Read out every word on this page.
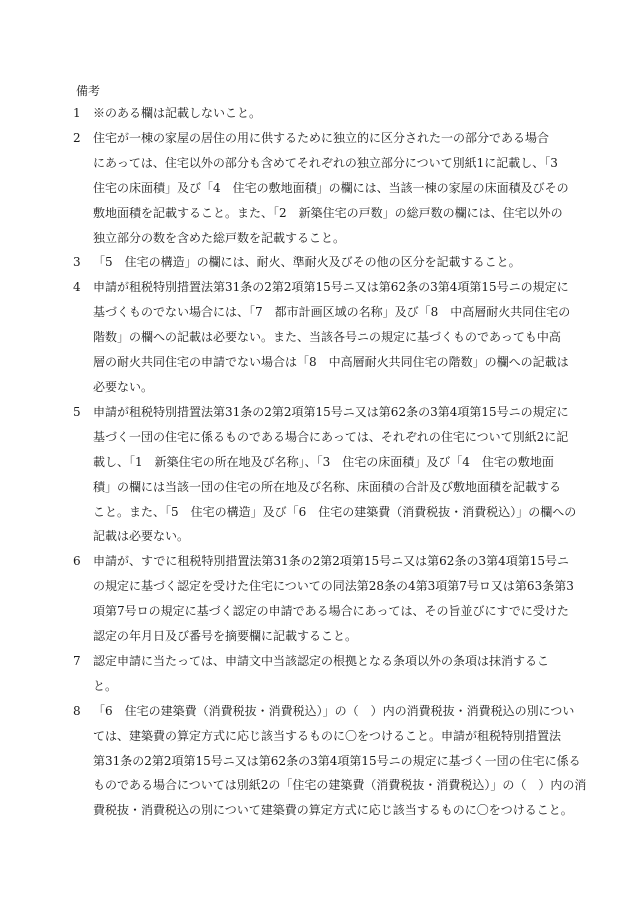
備考
1	※のある欄は記載しないこと。
2	住宅が一棟の家屋の居住の用に供するために独立的に区分された一の部分である場合
にあっては、住宅以外の部分も含めてそれぞれの独立部分について別紙1に記載し、「3
住宅の床面積」及び「4　住宅の敷地面積」の欄には、当該一棟の家屋の床面積及びその
敷地面積を記載すること。また、「2　新築住宅の戸数」の総戸数の欄には、住宅以外の
独立部分の数を含めた総戸数を記載すること。
3	「5　住宅の構造」の欄には、耐火、準耐火及びその他の区分を記載すること。
4	申請が租税特別措置法第31条の2第2項第15号ニ又は第62条の3第4項第15号ニの規定に
基づくものでない場合には、「7　都市計画区域の名称」及び「8　中高層耐火共同住宅の
階数」の欄への記載は必要ない。また、当該各号ニの規定に基づくものであっても中高
層の耐火共同住宅の申請でない場合は「8　中高層耐火共同住宅の階数」の欄への記載は
必要ない。
5	申請が租税特別措置法第31条の2第2項第15号ニ又は第62条の3第4項第15号ニの規定に
基づく一団の住宅に係るものである場合にあっては、それぞれの住宅について別紙2に記
載し、「1　新築住宅の所在地及び名称」、「3　住宅の床面積」及び「4　住宅の敷地面
積」の欄には当該一団の住宅の所在地及び名称、床面積の合計及び敷地面積を記載する
こと。また、「5　住宅の構造」及び「6　住宅の建築費（消費税抜・消費税込）」の欄への
記載は必要ない。
6	申請が、すでに租税特別措置法第31条の2第2項第15号ニ又は第62条の3第4項第15号ニ
の規定に基づく認定を受けた住宅についての同法第28条の4第3項第7号ロ又は第63条第3
項第7号ロの規定に基づく認定の申請である場合にあっては、その旨並びにすでに受けた
認定の年月日及び番号を摘要欄に記載すること。
7	認定申請に当たっては、申請文中当該認定の根拠となる条項以外の条項は抹消するこ
と。
8	「6　住宅の建築費（消費税抜・消費税込）」の（　）内の消費税抜・消費税込の別につい
ては、建築費の算定方式に応じ該当するものに〇をつけること。申請が租税特別措置法
第31条の2第2項第15号ニ又は第62条の3第4項第15号ニの規定に基づく一団の住宅に係る
ものである場合については別紙2の「住宅の建築費（消費税抜・消費税込）」の（　）内の消
費税抜・消費税込の別について建築費の算定方式に応じ該当するものに〇をつけること。
